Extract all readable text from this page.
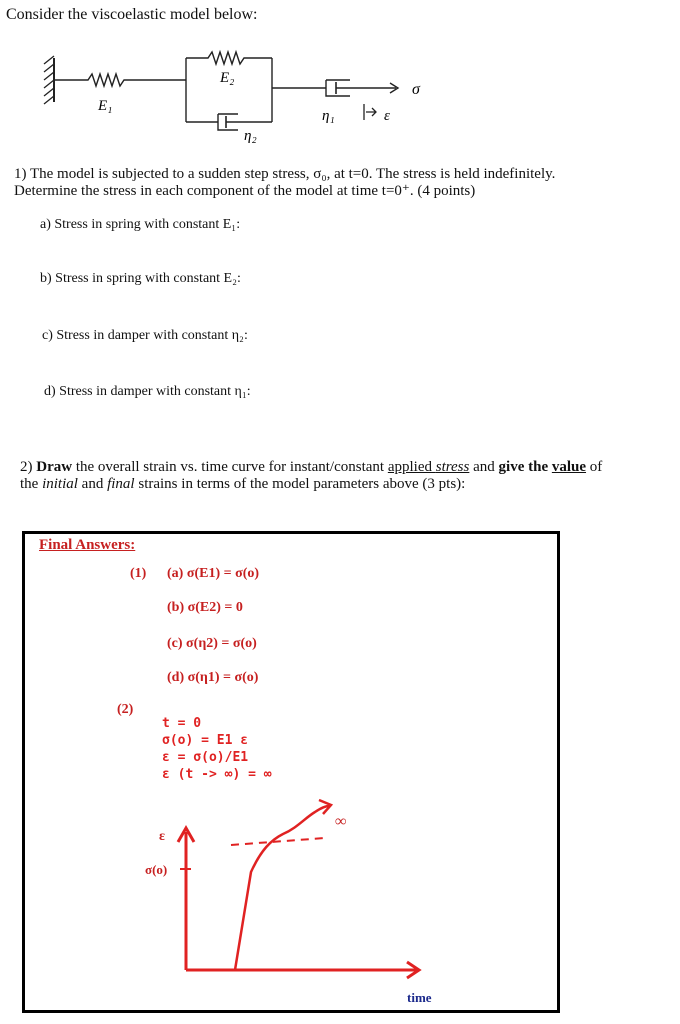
Consider the viscoelastic model below:
E₁
E₂
η₂
σ
η₁	ε
1) The model is subjected to a sudden step stress, σ₀, at t=0. The stress is held indefinitely.
Determine the stress in each component of the model at time t=0⁺. (4 points)
a) Stress in spring with constant E₁:
b) Stress in spring with constant E₂:
c) Stress in damper with constant η₂:
d) Stress in damper with constant η₁:
2) Draw the overall strain vs. time curve for instant/constant applied stress and give the value of
the initial and final strains in terms of the model parameters above (3 pts):
Final Answers:
(1) (a) σ(E1) = σ(o)
(b) σ(E2) = 0
(c) σ(η2) = σ(o)
(d) σ(η1) = σ(o)
(2)
t = 0
σ(o) = E1 ε
ε = σ(o)/E1
ε (t -> ∞) = ∞
ε
σ(o)
∞
time
